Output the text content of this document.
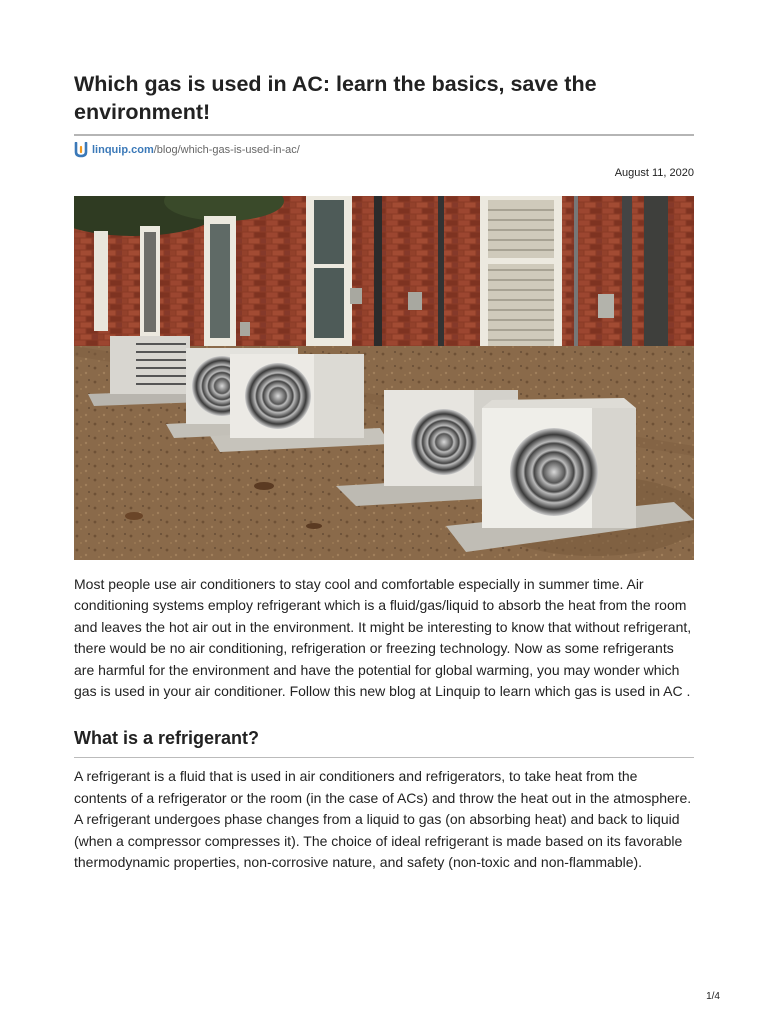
Which gas is used in AC: learn the basics, save the environment!
linquip.com/blog/which-gas-is-used-in-ac/
August 11, 2020

Most people use air conditioners to stay cool and comfortable especially in summer time. Air conditioning systems employ refrigerant which is a fluid/gas/liquid to absorb the heat from the room and leaves the hot air out in the environment. It might be interesting to know that without refrigerant, there would be no air conditioning, refrigeration or freezing technology. Now as some refrigerants are harmful for the environment and have the potential for global warming, you may wonder which gas is used in your air conditioner. Follow this new blog at Linquip to learn which gas is used in AC .

What is a refrigerant?

A refrigerant is a fluid that is used in air conditioners and refrigerators, to take heat from the contents of a refrigerator or the room (in the case of ACs) and throw the heat out in the atmosphere. A refrigerant undergoes phase changes from a liquid to gas (on absorbing heat) and back to liquid (when a compressor compresses it). The choice of ideal refrigerant is made based on its favorable thermodynamic properties, non-corrosive nature, and safety (non-toxic and non-flammable).

1/4
